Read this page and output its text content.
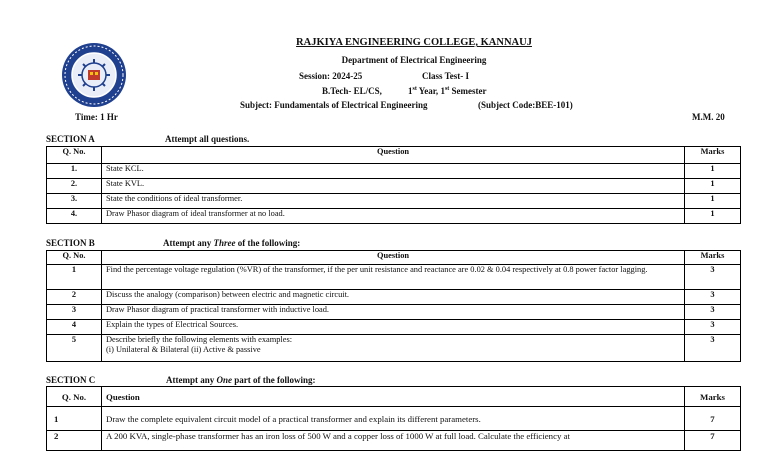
RAJKIYA ENGINEERING COLLEGE, KANNAUJ
Department of Electrical Engineering
Session: 2024-25	Class Test- I
B.Tech- EL/CS,	1st Year, 1st Semester
Subject: Fundamentals of Electrical Engineering	(Subject Code:BEE-101)
Time: 1 Hr	M.M. 20
SECTION A	Attempt all questions.
Q. No.	Question	Marks
1.	State KCL.	1
2.	State KVL.	1
3.	State the conditions of ideal transformer.	1
4.	Draw Phasor diagram of ideal transformer at no load.	1
SECTION B	Attempt any Three of the following:
Q. No.	Question	Marks
1	Find the percentage voltage regulation (%VR) of the transformer, if the per unit resistance and reactance are 0.02 & 0.04 respectively at 0.8 power factor lagging.	3
2	Discuss the analogy (comparison) between electric and magnetic circuit.	3
3	Draw Phasor diagram of practical transformer with inductive load.	3
4	Explain the types of Electrical Sources.	3
5	Describe briefly the following elements with examples:
(i) Unilateral & Bilateral (ii) Active & passive	3
SECTION C	Attempt any One part of the following:
Q. No.	Question	Marks
1	Draw the complete equivalent circuit model of a practical transformer and explain its different parameters.	7
2	A 200 KVA, single-phase transformer has an iron loss of 500 W and a copper loss of 1000 W at full load. Calculate the efficiency at	7
